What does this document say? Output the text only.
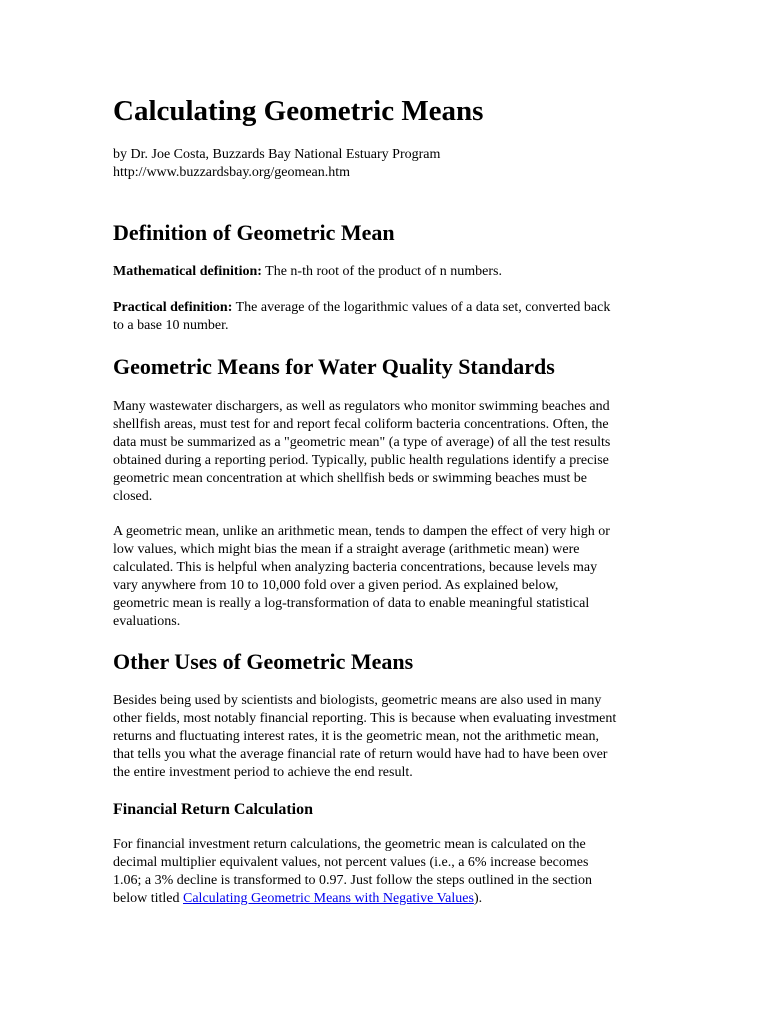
Calculating Geometric Means

by Dr. Joe Costa, Buzzards Bay National Estuary Program
http://www.buzzardsbay.org/geomean.htm

Definition of Geometric Mean

Mathematical definition: The n-th root of the product of n numbers.

Practical definition: The average of the logarithmic values of a data set, converted back
to a base 10 number.

Geometric Means for Water Quality Standards

Many wastewater dischargers, as well as regulators who monitor swimming beaches and
shellfish areas, must test for and report fecal coliform bacteria concentrations. Often, the
data must be summarized as a "geometric mean" (a type of average) of all the test results
obtained during a reporting period. Typically, public health regulations identify a precise
geometric mean concentration at which shellfish beds or swimming beaches must be
closed.

A geometric mean, unlike an arithmetic mean, tends to dampen the effect of very high or
low values, which might bias the mean if a straight average (arithmetic mean) were
calculated. This is helpful when analyzing bacteria concentrations, because levels may
vary anywhere from 10 to 10,000 fold over a given period. As explained below,
geometric mean is really a log-transformation of data to enable meaningful statistical
evaluations.

Other Uses of Geometric Means

Besides being used by scientists and biologists, geometric means are also used in many
other fields, most notably financial reporting. This is because when evaluating investment
returns and fluctuating interest rates, it is the geometric mean, not the arithmetic mean,
that tells you what the average financial rate of return would have had to have been over
the entire investment period to achieve the end result.

Financial Return Calculation

For financial investment return calculations, the geometric mean is calculated on the
decimal multiplier equivalent values, not percent values (i.e., a 6% increase becomes
1.06; a 3% decline is transformed to 0.97. Just follow the steps outlined in the section
below titled Calculating Geometric Means with Negative Values).
